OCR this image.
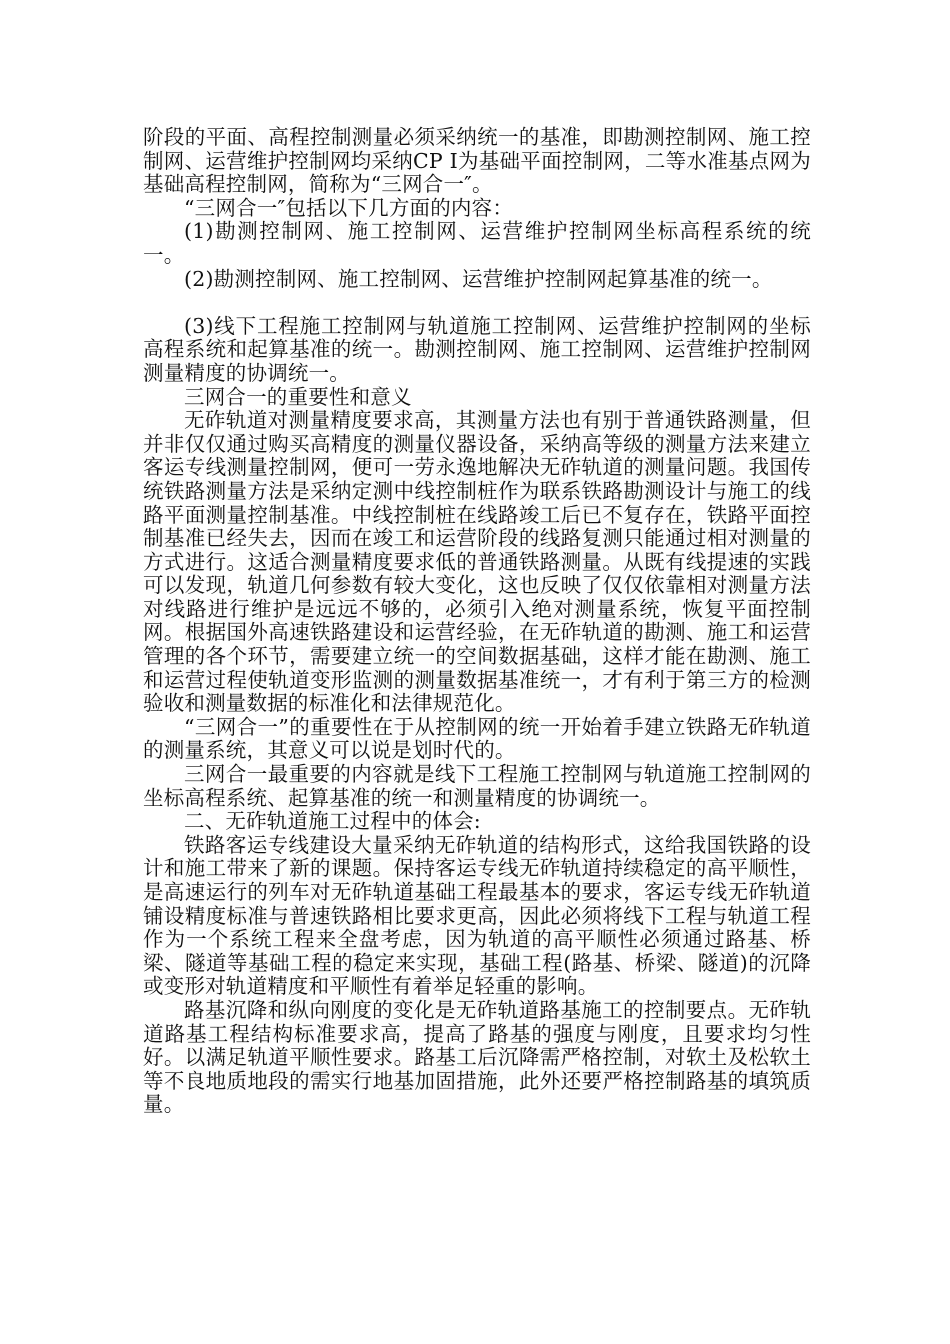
阶段的平面、高程控制测量必须采纳统一的基准，即勘测控制网、施工控制网、运营维护控制网均采纳CP Ⅰ为基础平面控制网，二等水准基点网为基础高程控制网，简称为“三网合一″。

“三网合一″包括以下几方面的内容：

(1)勘测控制网、施工控制网、运营维护控制网坐标高程系统的统一。

(2)勘测控制网、施工控制网、运营维护控制网起算基准的统一。

(3)线下工程施工控制网与轨道施工控制网、运营维护控制网的坐标高程系统和起算基准的统一。勘测控制网、施工控制网、运营维护控制网测量精度的协调统一。

三网合一的重要性和意义

无砟轨道对测量精度要求高，其测量方法也有别于普通铁路测量，但并非仅仅通过购买高精度的测量仪器设备，采纳高等级的测量方法来建立客运专线测量控制网，便可一劳永逸地解决无砟轨道的测量问题。我国传统铁路测量方法是采纳定测中线控制桩作为联系铁路勘测设计与施工的线路平面测量控制基准。中线控制桩在线路竣工后已不复存在，铁路平面控制基准已经失去，因而在竣工和运营阶段的线路复测只能通过相对测量的方式进行。这适合测量精度要求低的普通铁路测量。从既有线提速的实践可以发现，轨道几何参数有较大变化，这也反映了仅仅依靠相对测量方法对线路进行维护是远远不够的，必须引入绝对测量系统，恢复平面控制网。根据国外高速铁路建设和运营经验，在无砟轨道的勘测、施工和运营管理的各个环节，需要建立统一的空间数据基础，这样才能在勘测、施工和运营过程使轨道变形监测的测量数据基准统一，才有利于第三方的检测验收和测量数据的标准化和法律规范化。

“三网合一”的重要性在于从控制网的统一开始着手建立铁路无砟轨道的测量系统，其意义可以说是划时代的。

三网合一最重要的内容就是线下工程施工控制网与轨道施工控制网的坐标高程系统、起算基准的统一和测量精度的协调统一。

二、无砟轨道施工过程中的体会:

铁路客运专线建设大量采纳无砟轨道的结构形式，这给我国铁路的设计和施工带来了新的课题。保持客运专线无砟轨道持续稳定的高平顺性，是高速运行的列车对无砟轨道基础工程最基本的要求，客运专线无砟轨道铺设精度标准与普速铁路相比要求更高，因此必须将线下工程与轨道工程作为一个系统工程来全盘考虑，因为轨道的高平顺性必须通过路基、桥梁、隧道等基础工程的稳定来实现，基础工程(路基、桥梁、隧道)的沉降或变形对轨道精度和平顺性有着举足轻重的影响。

路基沉降和纵向刚度的变化是无砟轨道路基施工的控制要点。无砟轨道路基工程结构标准要求高，提高了路基的强度与刚度，且要求均匀性好。以满足轨道平顺性要求。路基工后沉降需严格控制，对软土及松软土等不良地质地段的需实行地基加固措施，此外还要严格控制路基的填筑质量。
